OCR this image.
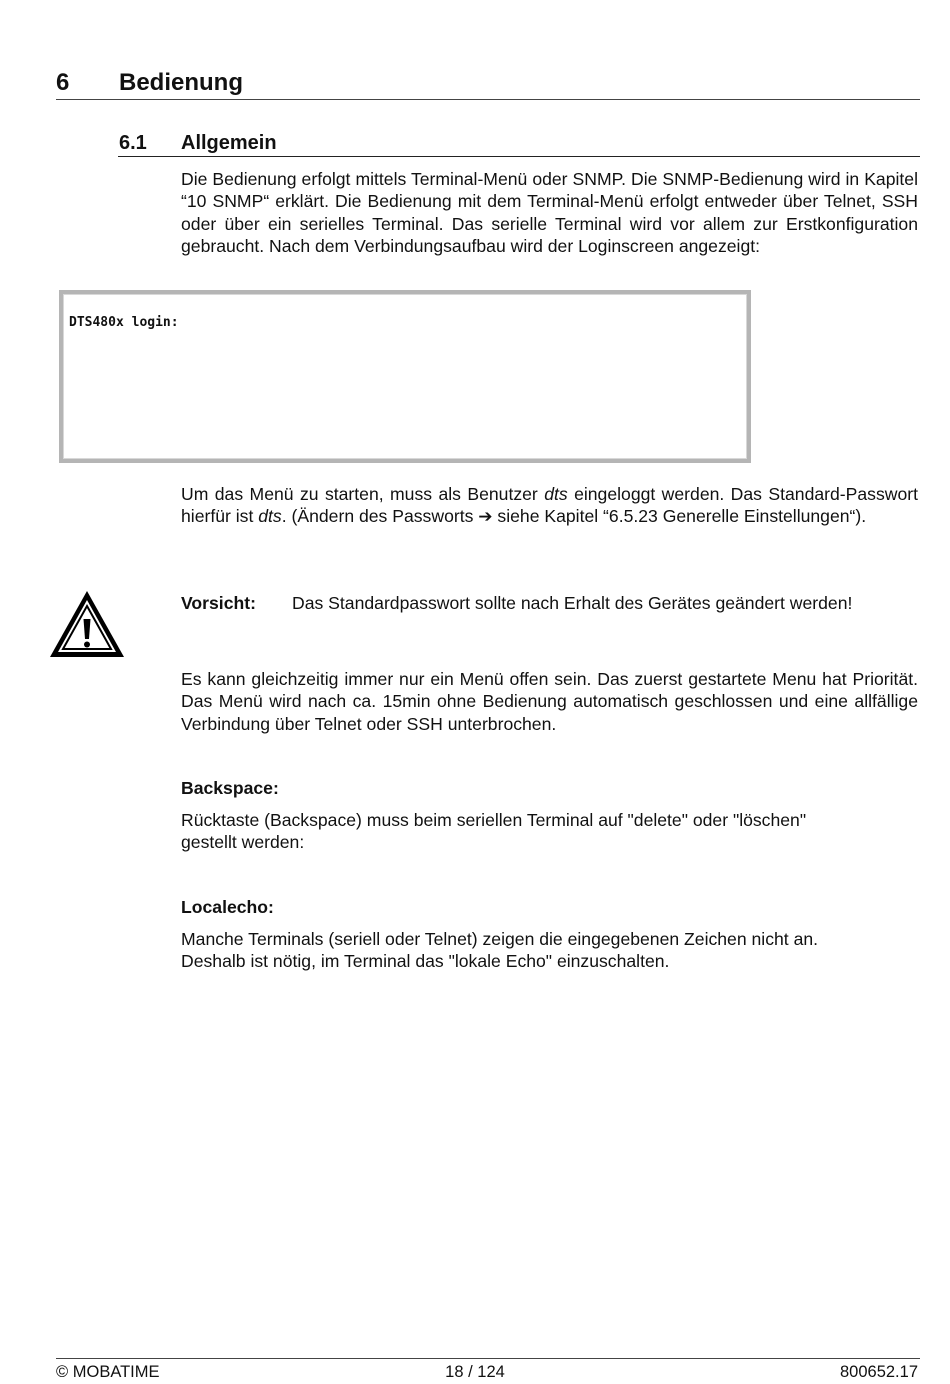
6 Bedienung
6.1 Allgemein

Die Bedienung erfolgt mittels Terminal-Menü oder SNMP. Die SNMP-Bedienung wird in Kapitel “10 SNMP“ erklärt. Die Bedienung mit dem Terminal-Menü erfolgt entweder über Telnet, SSH oder über ein serielles Terminal. Das serielle Terminal wird vor allem zur Erstkonfiguration gebraucht. Nach dem Verbindungsaufbau wird der Loginscreen angezeigt:

DTS480x login:

Um das Menü zu starten, muss als Benutzer dts eingeloggt werden. Das Standard-Passwort hierfür ist dts. (Ändern des Passworts ➔ siehe Kapitel “6.5.23 Generelle Einstellungen“).

Vorsicht: Das Standardpasswort sollte nach Erhalt des Gerätes geändert werden!

Es kann gleichzeitig immer nur ein Menü offen sein. Das zuerst gestartete Menu hat Priorität. Das Menü wird nach ca. 15min ohne Bedienung automatisch geschlossen und eine allfällige Verbindung über Telnet oder SSH unterbrochen.

Backspace:
Rücktaste (Backspace) muss beim seriellen Terminal auf "delete" oder "löschen"
gestellt werden:
Localecho:
Manche Terminals (seriell oder Telnet) zeigen die eingegebenen Zeichen nicht an.
Deshalb ist nötig, im Terminal das "lokale Echo" einzuschalten.
© MOBATIME	18 / 124	800652.17
